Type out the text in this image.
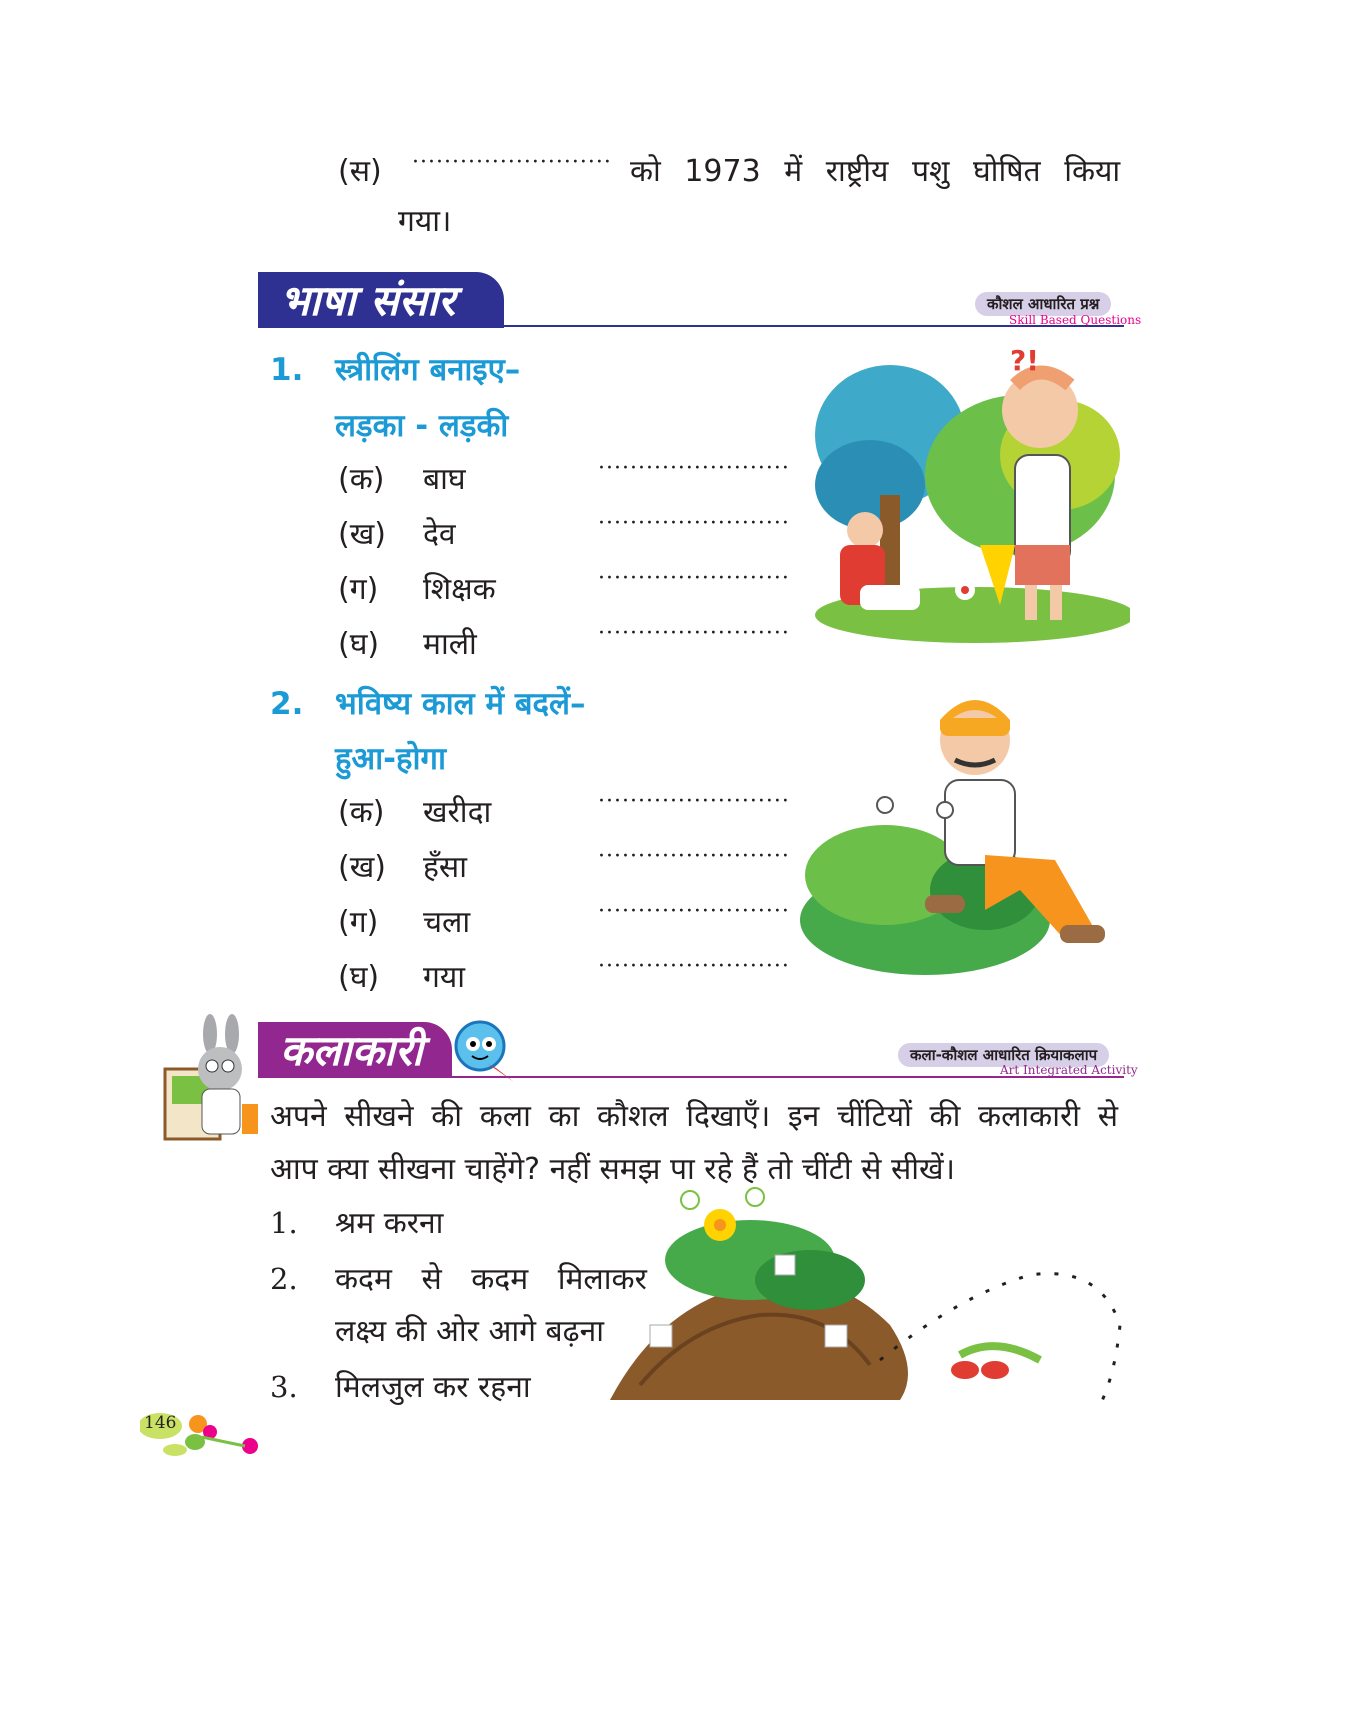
(स) ························· को 1973 में राष्ट्रीय पशु घोषित किया
गया।
भाषा संसार	कौशल आधारित प्रश्न
Skill Based Questions
1. स्त्रीलिंग बनाइए–
लड़का - लड़की
(क) बाघ	························
(ख) देव	························
(ग) शिक्षक	························
(घ) माली	························
2. भविष्य काल में बदलें–
हुआ-होगा
(क) खरीदा	························
(ख) हँसा	························
(ग) चला	························
(घ) गया	························
?!
कलाकारी	कला-कौशल आधारित क्रियाकलाप
Art Integrated Activity
अपने सीखने की कला का कौशल दिखाएँ। इन चींटियों की कलाकारी से
आप क्या सीखना चाहेंगे? नहीं समझ पा रहे हैं तो चींटी से सीखें।
1. श्रम करना
2. कदम से कदम मिलाकर
लक्ष्य की ओर आगे बढ़ना
3. मिलजुल कर रहना
146
